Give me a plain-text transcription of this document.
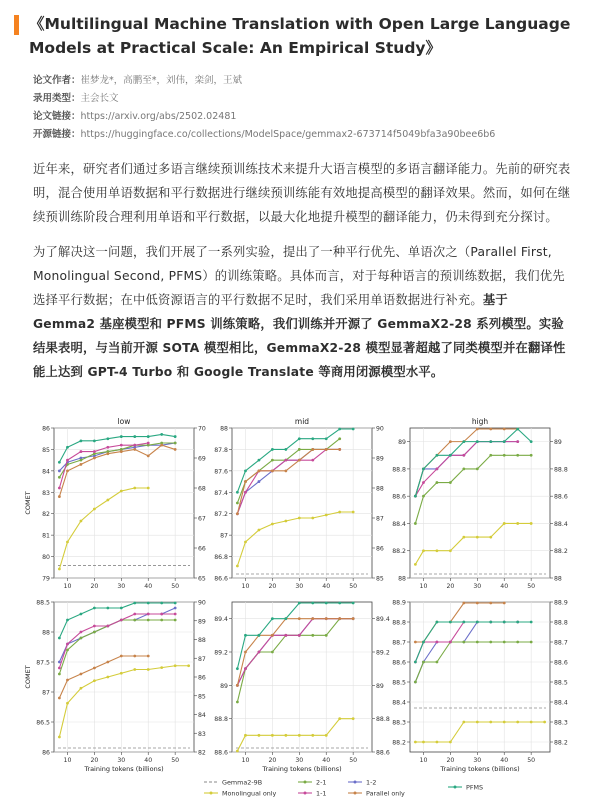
《Multilingual Machine Translation with Open Large Language Models at Practical Scale: An Empirical Study》
论文作者：崔梦龙*，高鹏至*，刘伟，栾剑，王斌
录用类型：主会长文
论文链接：https://arxiv.org/abs/2502.02481
开源链接：https://huggingface.co/collections/ModelSpace/gemmax2-673714f5049bfa3a90bee6b6
近年来，研究者们通过多语言继续预训练技术来提升大语言模型的多语言翻译能力。先前的研究表明，混合使用单语数据和平行数据进行继续预训练能有效地提高模型的翻译效果。然而，如何在继续预训练阶段合理利用单语和平行数据，以最大化地提升模型的翻译能力，仍未得到充分探讨。
为了解决这一问题，我们开展了一系列实验，提出了一种平行优先、单语次之（Parallel First, Monolingual Second, PFMS）的训练策略。具体而言，对于每种语言的预训练数据，我们优先选择平行数据；在中低资源语言的平行数据不足时，我们采用单语数据进行补充。基于 Gemma2 基座模型和 PFMS 训练策略，我们训练并开源了 GemmaX2-28 系列模型。实验结果表明，与当前开源 SOTA 模型相比，GemmaX2-28 模型显著超越了同类模型并在翻译性能上达到 GPT-4 Turbo 和 Google Translate 等商用闭源模型水平。
79
80
81
82
83
84
85
86
65
66
67
68
69
70
10	20	30	40	50
low
COMET
86.6
86.8
87
87.2
87.4
87.6
87.8
88
85
86
87
88
89
90
10	20	30	40	50
mid
88
88.2
88.4
88.6
88.8
89
88
88.2
88.4
88.6
88.8
89
10	20	30	40	50
high
86
86.5
87
87.5
88
88.5
82
83
84
85
86
87
88
89
90
10	20	30	40	50
COMET
Training tokens (billions)
88.6
88.8
89
89.2
89.4
88.6
88.8
89
89.2
89.4
10	20	30	40	50
Training tokens (billions)
88.2
88.3
88.4
88.5
88.6
88.7
88.8
88.9
88.2
88.3
88.4
88.5
88.6
88.7
88.8
88.9
10	20	30	40	50
Training tokens (billions)
Gemma2-9B
Monolingual only
2-1
1-1
1-2
Parallel only
PFMS
